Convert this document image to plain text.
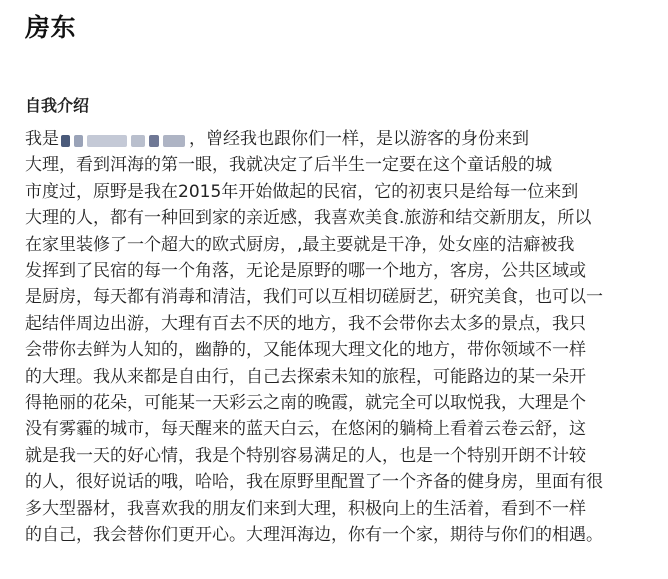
房东
自我介绍
我是	，曾经我也跟你们一样，是以游客的身份来到
大理，看到洱海的第一眼，我就决定了后半生一定要在这个童话般的城
市度过，原野是我在2015年开始做起的民宿，它的初衷只是给每一位来到
大理的人，都有一种回到家的亲近感，我喜欢美食.旅游和结交新朋友，所以
在家里装修了一个超大的欧式厨房，,最主要就是干净，处女座的洁癖被我
发挥到了民宿的每一个角落，无论是原野的哪一个地方，客房，公共区域或
是厨房，每天都有消毒和清洁，我们可以互相切磋厨艺，研究美食，也可以一
起结伴周边出游，大理有百去不厌的地方，我不会带你去太多的景点，我只
会带你去鲜为人知的，幽静的，又能体现大理文化的地方，带你领域不一样
的大理。我从来都是自由行，自己去探索未知的旅程，可能路边的某一朵开
得艳丽的花朵，可能某一天彩云之南的晚霞，就完全可以取悦我，大理是个
没有雾霾的城市，每天醒来的蓝天白云，在悠闲的躺椅上看着云卷云舒，这
就是我一天的好心情，我是个特别容易满足的人，也是一个特别开朗不计较
的人，很好说话的哦，哈哈，我在原野里配置了一个齐备的健身房，里面有很
多大型器材，我喜欢我的朋友们来到大理，积极向上的生活着，看到不一样
的自己，我会替你们更开心。大理洱海边，你有一个家，期待与你们的相遇。
